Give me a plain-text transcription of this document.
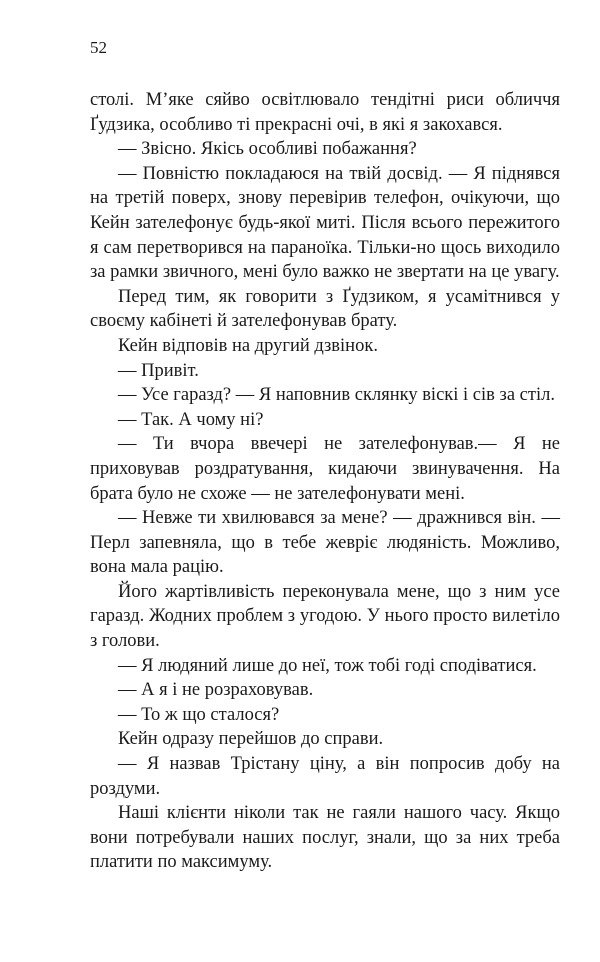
52

столі. М’яке сяйво освітлювало тендітні риси обличчя Ґудзика, особливо ті прекрасні очі, в які я закохався.

— Звісно. Якісь особливі побажання?

— Повністю покладаюся на твій досвід. — Я піднявся на третій поверх, знову перевірив телефон, очікуючи, що Кейн зателефонує будь-якої миті. Після всього пережитого я сам перетворився на параноїка. Тільки-но щось виходило за рамки звичного, мені було важко не звертати на це увагу.

Перед тим, як говорити з Ґудзиком, я усамітнився у своєму кабінеті й зателефонував брату.

Кейн відповів на другий дзвінок.

— Привіт.

— Усе гаразд? — Я наповнив склянку віскі і сів за стіл.

— Так. А чому ні?

— Ти вчора ввечері не зателефонував.— Я не приховував роздратування, кидаючи звинувачення. На брата було не схоже — не зателефонувати мені.

— Невже ти хвилювався за мене? — дражнився він. — Перл запевняла, що в тебе жевріє людяність. Можливо, вона мала рацію.

Його жартівливість переконувала мене, що з ним усе гаразд. Жодних проблем з угодою. У нього просто вилетіло з голови.

— Я людяний лише до неї, тож тобі годі сподіватися.

— А я і не розраховував.

— То ж що сталося?

Кейн одразу перейшов до справи.

— Я назвав Трістану ціну, а він попросив добу на роздуми.

Наші клієнти ніколи так не гаяли нашого часу. Якщо вони потребували наших послуг, знали, що за них треба платити по максимуму.
